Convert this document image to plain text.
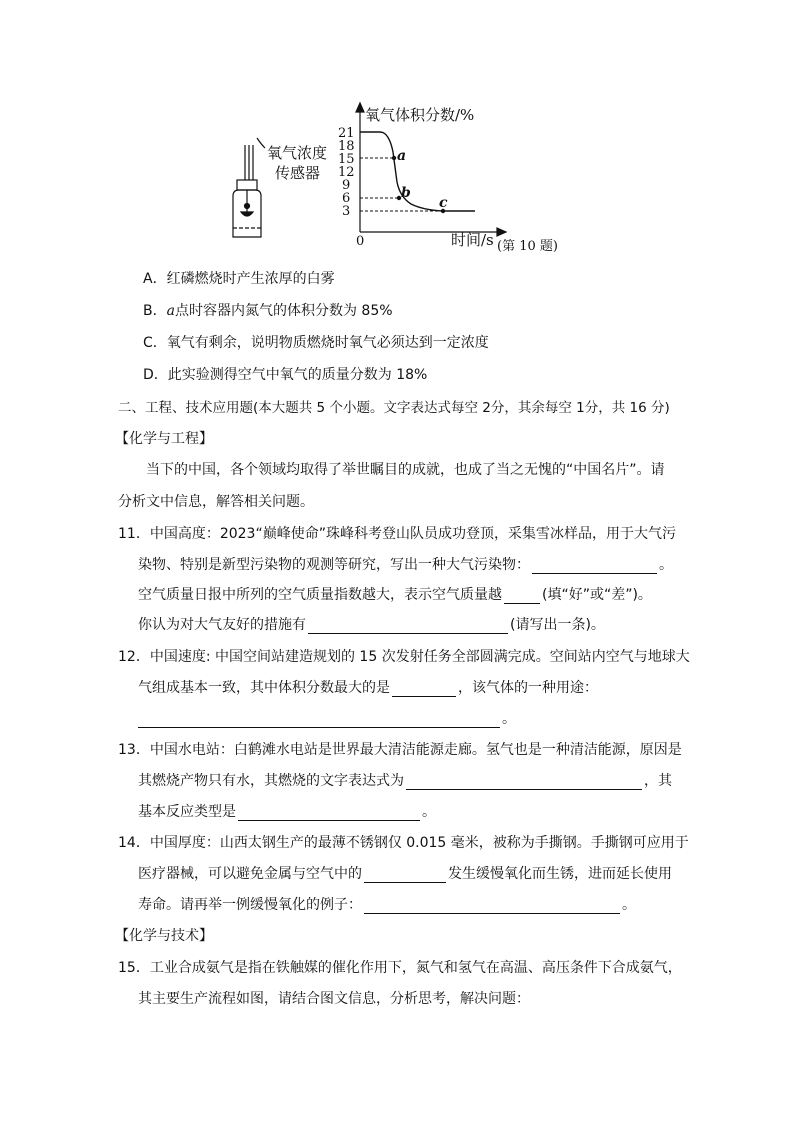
氧气浓度
传感器
氧气体积分数/%
时间/s
0	(第 10 题)
21
18
15
12
9
6
3
a
b
c
A．红磷燃烧时产生浓厚的白雾
B．a点时容器内氮气的体积分数为 85%
C．氧气有剩余，说明物质燃烧时氧气必须达到一定浓度
D．此实验测得空气中氧气的质量分数为 18%
二、工程、技术应用题(本大题共 5 个小题。文字表达式每空 2分，其余每空 1分，共 16 分)
【化学与工程】
当下的中国，各个领域均取得了举世瞩目的成就，也成了当之无愧的“中国名片”。请
分析文中信息，解答相关问题。
11．中国高度：2023“巅峰使命”珠峰科考登山队员成功登顶，采集雪冰样品，用于大气污
染物、特别是新型污染物的观测等研究，写出一种大气污染物：	。
空气质量日报中所列的空气质量指数越大，表示空气质量越	(填“好”或“差”)。
你认为对大气友好的措施有	(请写出一条)。
12．中国速度: 中国空间站建造规划的 15 次发射任务全部圆满完成。空间站内空气与地球大
气组成基本一致，其中体积分数最大的是	，该气体的一种用途：
。
13．中国水电站：白鹤滩水电站是世界最大清洁能源走廊。氢气也是一种清洁能源，原因是
其燃烧产物只有水，其燃烧的文字表达式为	，其
基本反应类型是	。
14．中国厚度：山西太钢生产的最薄不锈钢仅 0.015 毫米，被称为手撕钢。手撕钢可应用于
医疗器械，可以避免金属与空气中的	发生缓慢氧化而生锈，进而延长使用
寿命。请再举一例缓慢氧化的例子：	。
【化学与技术】
15．工业合成氨气是指在铁触媒的催化作用下，氮气和氢气在高温、高压条件下合成氨气，
其主要生产流程如图，请结合图文信息，分析思考，解决问题：
